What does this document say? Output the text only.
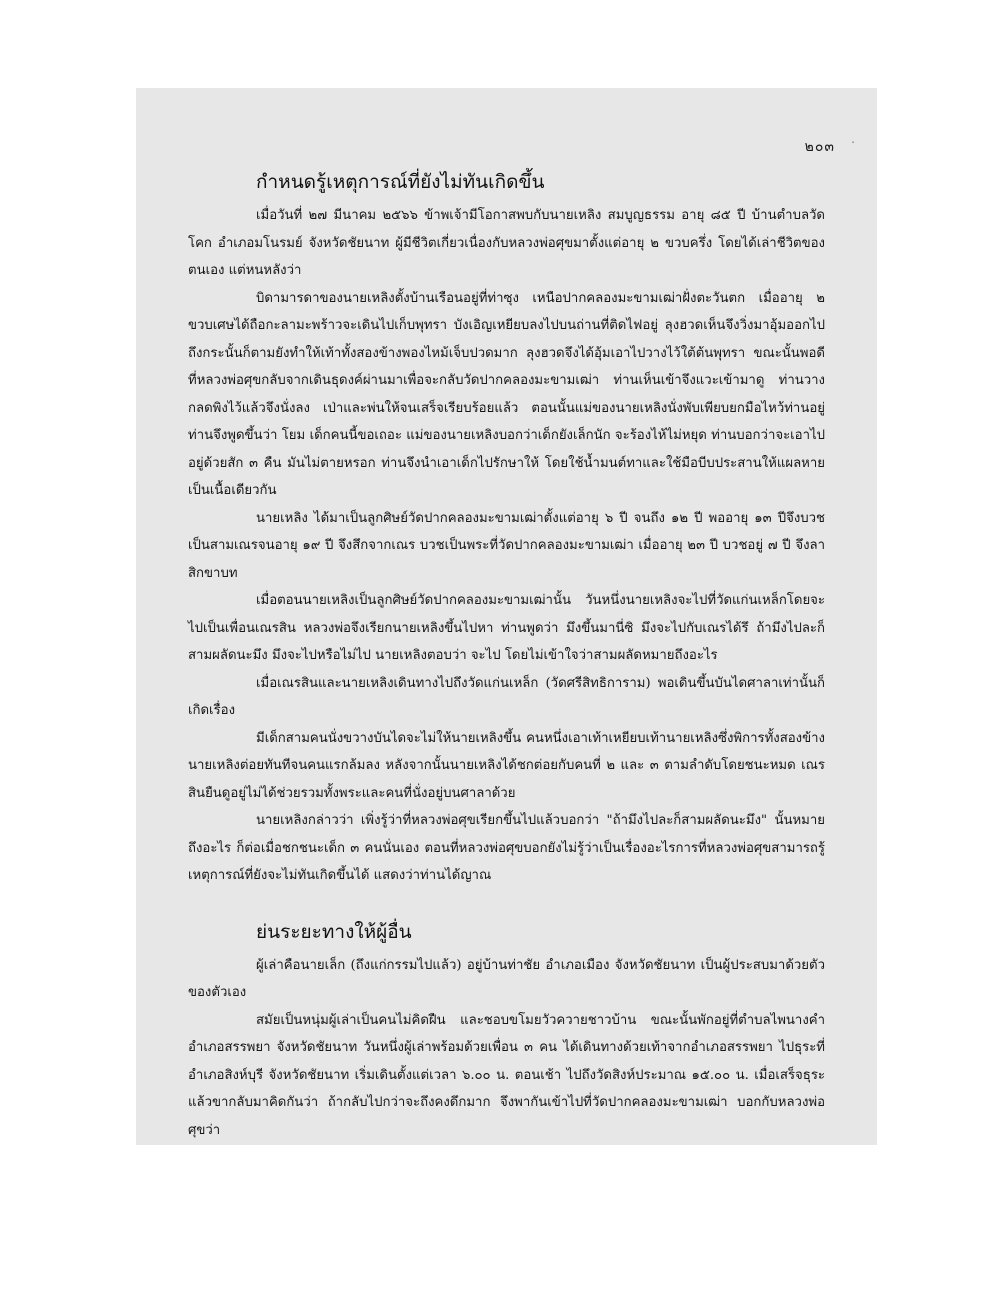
๒๐๓ .
กำหนดรู้เหตุการณ์ที่ยังไม่ทันเกิดขึ้น

เมื่อวันที่ ๒๗ มีนาคม ๒๕๖๖ ข้าพเจ้ามีโอกาสพบกับนายเหลิง สมบูญธรรม อายุ ๘๕ ปี บ้านตำบลวัดโคก อำเภอมโนรมย์ จังหวัดชัยนาท ผู้มีชีวิตเกี่ยวเนื่องกับหลวงพ่อศุขมาตั้งแต่อายุ ๒ ขวบครึ่ง โดยได้เล่าชีวิตของตนเอง แต่หนหลังว่า

บิดามารดาของนายเหลิงตั้งบ้านเรือนอยู่ที่ท่าซุง เหนือปากคลองมะขามเฒ่าฝั่งตะวันตก เมื่ออายุ ๒ ขวบเศษได้ถือกะลามะพร้าวจะเดินไปเก็บพุทรา บังเอิญเหยียบลงไปบนถ่านที่ติดไฟอยู่ ลุงฮวดเห็นจึงวิ่งมาอุ้มออกไป ถึงกระนั้นก็ตามยังทำให้เท้าทั้งสองข้างพองไหม้เจ็บปวดมาก ลุงฮวดจึงได้อุ้มเอาไปวางไว้ใต้ต้นพุทรา ขณะนั้นพอดีที่หลวงพ่อศุขกลับจากเดินธุดงค์ผ่านมาเพื่อจะกลับวัดปากคลองมะขามเฒ่า ท่านเห็นเข้าจึงแวะเข้ามาดู ท่านวางกลดพิงไว้แล้วจึงนั่งลง เป่าและพ่นให้จนเสร็จเรียบร้อยแล้ว ตอนนั้นแม่ของนายเหลิงนั่งพับเพียบยกมือไหว้ท่านอยู่ ท่านจึงพูดขึ้นว่า โยม เด็กคนนี้ขอเถอะ แม่ของนายเหลิงบอกว่าเด็กยังเล็กนัก จะร้องไห้ไม่หยุด ท่านบอกว่าจะเอาไปอยู่ด้วยสัก ๓ คืน มันไม่ตายหรอก ท่านจึงนำเอาเด็กไปรักษาให้ โดยใช้น้ำมนต์ทาและใช้มือบีบประสานให้แผลหายเป็นเนื้อเดียวกัน

นายเหลิง ได้มาเป็นลูกศิษย์วัดปากคลองมะขามเฒ่าตั้งแต่อายุ ๖ ปี จนถึง ๑๒ ปี พออายุ ๑๓ ปีจึงบวชเป็นสามเณรจนอายุ ๑๙ ปี จึงสึกจากเณร บวชเป็นพระที่วัดปากคลองมะขามเฒ่า เมื่ออายุ ๒๓ ปี บวชอยู่ ๗ ปี จึงลาสิกขาบท

เมื่อตอนนายเหลิงเป็นลูกศิษย์วัดปากคลองมะขามเฒ่านั้น วันหนึ่งนายเหลิงจะไปที่วัดแก่นเหล็กโดยจะไปเป็นเพื่อนเณรสิน หลวงพ่อจึงเรียกนายเหลิงขึ้นไปหา ท่านพูดว่า มึงขึ้นมานี่ซิ มึงจะไปกับเณรได้รึ ถ้ามึงไปละก็สามผลัดนะมึง มึงจะไปหรือไม่ไป นายเหลิงตอบว่า จะไป โดยไม่เข้าใจว่าสามผลัดหมายถึงอะไร

เมื่อเณรสินและนายเหลิงเดินทางไปถึงวัดแก่นเหล็ก (วัดศรีสิทธิการาม) พอเดินขึ้นบันไดศาลาเท่านั้นก็เกิดเรื่อง

มีเด็กสามคนนั่งขวางบันไดจะไม่ให้นายเหลิงขึ้น คนหนึ่งเอาเท้าเหยียบเท้านายเหลิงซึ่งพิการทั้งสองข้างนายเหลิงต่อยทันทีจนคนแรกล้มลง หลังจากนั้นนายเหลิงได้ชกต่อยกับคนที่ ๒ และ ๓ ตามลำดับโดยชนะหมด เณรสินยืนดูอยู่ไม่ได้ช่วยรวมทั้งพระและคนที่นั่งอยู่บนศาลาด้วย

นายเหลิงกล่าวว่า เพิ่งรู้ว่าที่หลวงพ่อศุขเรียกขึ้นไปแล้วบอกว่า "ถ้ามึงไปละก็สามผลัดนะมึง" นั้นหมายถึงอะไร ก็ต่อเมื่อชกชนะเด็ก ๓ คนนั่นเอง ตอนที่หลวงพ่อศุขบอกยังไม่รู้ว่าเป็นเรื่องอะไรการที่หลวงพ่อศุขสามารถรู้เหตุการณ์ที่ยังจะไม่ทันเกิดขึ้นได้ แสดงว่าท่านได้ญาณ

ย่นระยะทางให้ผู้อื่น

ผู้เล่าคือนายเล็ก (ถึงแก่กรรมไปแล้ว) อยู่บ้านท่าชัย อำเภอเมือง จังหวัดชัยนาท เป็นผู้ประสบมาด้วยตัวของตัวเอง

สมัยเป็นหนุ่มผู้เล่าเป็นคนไม่คิดฝืน และชอบขโมยวัวควายชาวบ้าน ขณะนั้นพักอยู่ที่ตำบลไพนางคำ อำเภอสรรพยา จังหวัดชัยนาท วันหนึ่งผู้เล่าพร้อมด้วยเพื่อน ๓ คน ได้เดินทางด้วยเท้าจากอำเภอสรรพยา ไปธุระที่อำเภอสิงห์บุรี จังหวัดชัยนาท เริ่มเดินตั้งแต่เวลา ๖.๐๐ น. ตอนเช้า ไปถึงวัดสิงห์ประมาณ ๑๕.๐๐ น. เมื่อเสร็จธุระแล้วขากลับมาคิดกันว่า ถ้ากลับไปกว่าจะถึงคงดึกมาก จึงพากันเข้าไปที่วัดปากคลองมะขามเฒ่า บอกกับหลวงพ่อศุขว่า
